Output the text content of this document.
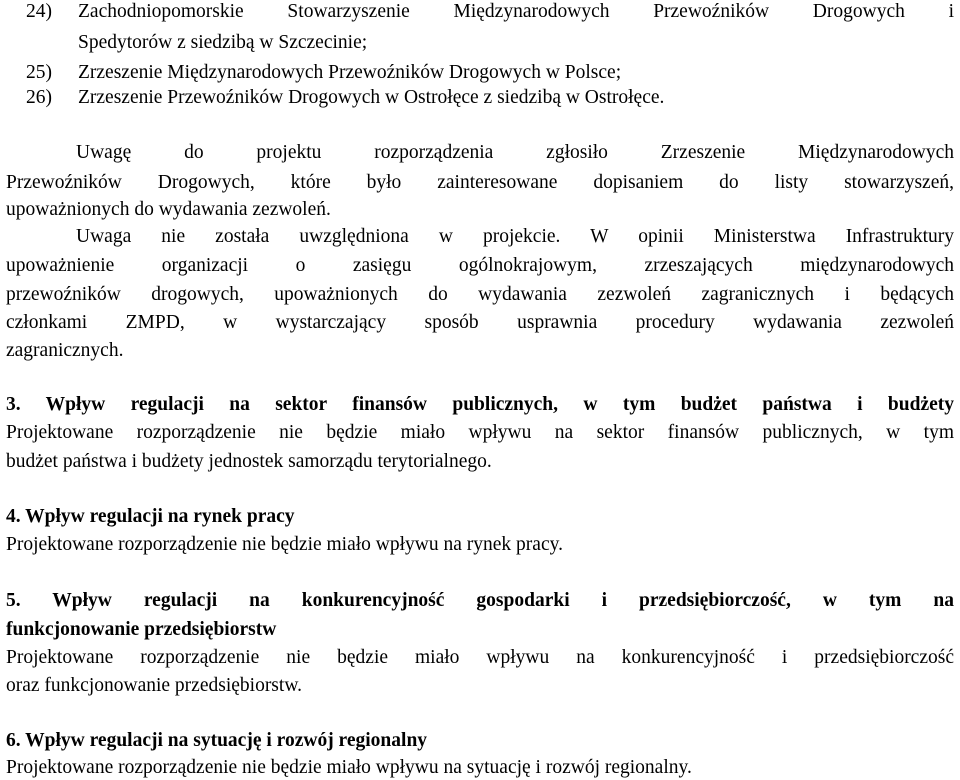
24) Zachodniopomorskie Stowarzyszenie Międzynarodowych Przewoźników Drogowych i
Spedytorów z siedzibą w Szczecinie;
25) Zrzeszenie Międzynarodowych Przewoźników Drogowych w Polsce;
26) Zrzeszenie Przewoźników Drogowych w Ostrołęce z siedzibą w Ostrołęce.
Uwagę do projektu rozporządzenia zgłosiło Zrzeszenie Międzynarodowych
Przewoźników Drogowych, które było zainteresowane dopisaniem do listy stowarzyszeń,
upoważnionych do wydawania zezwoleń.
Uwaga nie została uwzględniona w projekcie. W opinii Ministerstwa Infrastruktury
upoważnienie organizacji o zasięgu ogólnokrajowym, zrzeszających międzynarodowych
przewoźników drogowych, upoważnionych do wydawania zezwoleń zagranicznych i będących
członkami ZMPD, w wystarczający sposób usprawnia procedury wydawania zezwoleń
zagranicznych.
3. Wpływ regulacji na sektor finansów publicznych, w tym budżet państwa i budżety
Projektowane rozporządzenie nie będzie miało wpływu na sektor finansów publicznych, w tym
budżet państwa i budżety jednostek samorządu terytorialnego.
4. Wpływ regulacji na rynek pracy
Projektowane rozporządzenie nie będzie miało wpływu na rynek pracy.
5. Wpływ regulacji na konkurencyjność gospodarki i przedsiębiorczość, w tym na
funkcjonowanie przedsiębiorstw
Projektowane rozporządzenie nie będzie miało wpływu na konkurencyjność i przedsiębiorczość
oraz funkcjonowanie przedsiębiorstw.
6. Wpływ regulacji na sytuację i rozwój regionalny
Projektowane rozporządzenie nie będzie miało wpływu na sytuację i rozwój regionalny.
